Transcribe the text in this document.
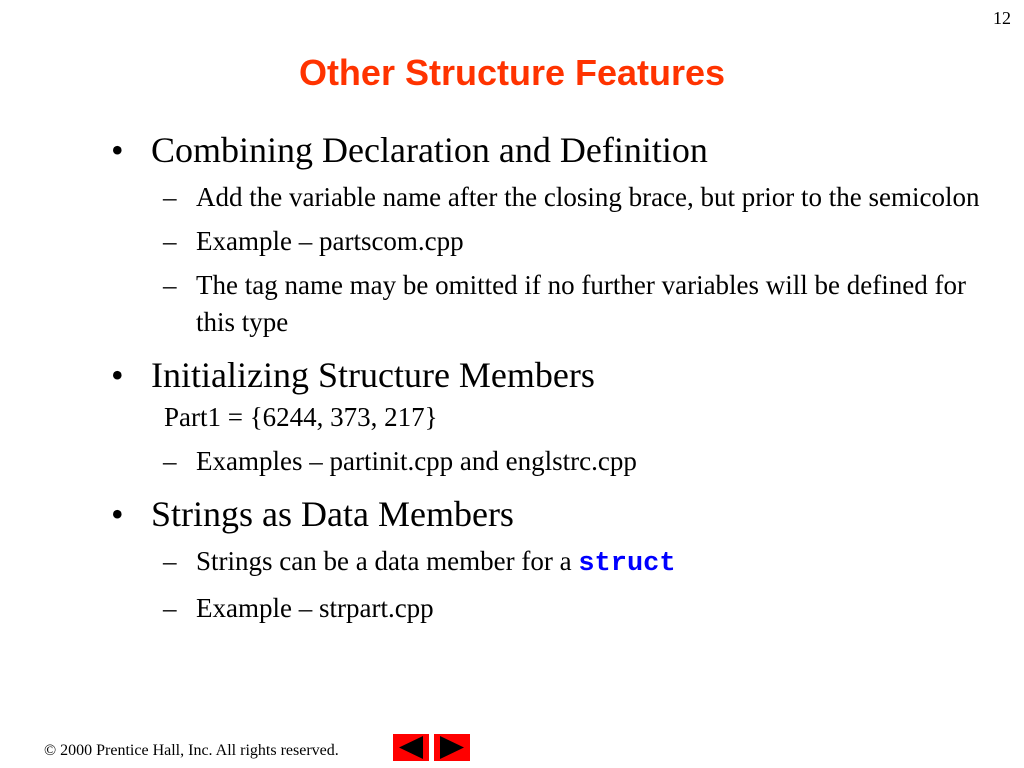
12
Other Structure Features
• Combining Declaration and Definition
– Add the variable name after the closing brace, but prior to the semicolon
– Example – partscom.cpp
– The tag name may be omitted if no further variables will be defined for this type
• Initializing Structure Members
Part1 = {6244, 373, 217}
– Examples – partinit.cpp and englstrc.cpp
• Strings as Data Members
– Strings can be a data member for a struct
– Example – strpart.cpp
© 2000 Prentice Hall, Inc. All rights reserved.
